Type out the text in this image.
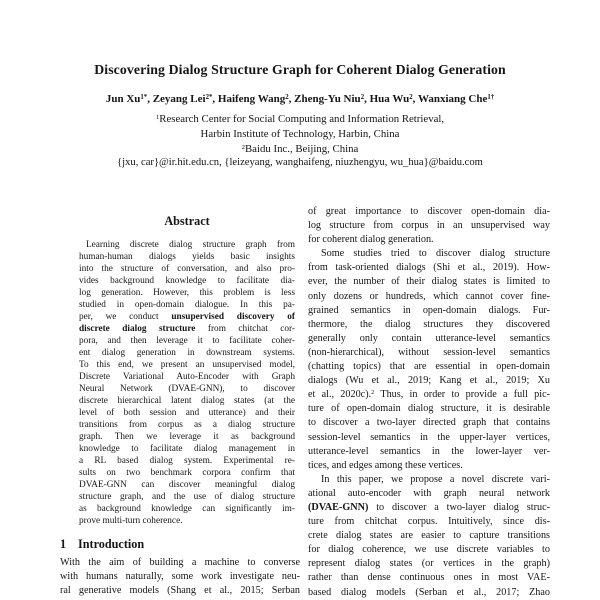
Discovering Dialog Structure Graph for Coherent Dialog Generation
Jun $Xu^{1*}$, Zeyang Lei$^{2*}$, Haifeng Wang$^2$, Zheng-Yu Niu$^2$, Hua Wu$^2$, Wanxiang Che$^{1\dagger}$
$^1$Research Center for Social Computing and Information Retrieval,
Harbin Institute of Technology, Harbin, China
$^2$Baidu Inc., Beijing, China
{jxu, car}@ir.hit.edu.cn, {leizeyang, wanghaifeng, niuzhengyu, wu_hua}@baidu.com
Abstract
Learning discrete dialog structure graph from
human-human dialogs yields basic insights
into the structure of conversation, and also pro-
vides background knowledge to facilitate dia-
log generation. However, this problem is less
studied in open-domain dialogue. In this pa-
per, we conduct unsupervised discovery of
discrete dialog structure from chitchat cor-
pora, and then leverage it to facilitate coher-
ent dialog generation in downstream systems.
To this end, we present an unsupervised model,
Discrete Variational Auto-Encoder with Graph
Neural Network (DVAE-GNN), to discover
discrete hierarchical latent dialog states (at the
level of both session and utterance) and their
transitions from corpus as a dialog structure
graph. Then we leverage it as background
knowledge to facilitate dialog management in
a RL based dialog system. Experimental re-
sults on two benchmark corpora confirm that
DVAE-GNN can discover meaningful dialog
structure graph, and the use of dialog structure
as background knowledge can significantly im-
prove multi-turn coherence.
1 Introduction
With the aim of building a machine to converse
with humans naturally, some work investigate neu-
ral generative models (Shang et al., 2015; Serban
of great importance to discover open-domain dia-
log structure from corpus in an unsupervised way
for coherent dialog generation.
Some studies tried to discover dialog structure
from task-oriented dialogs (Shi et al., 2019). How-
ever, the number of their dialog states is limited to
only dozens or hundreds, which cannot cover fine-
grained semantics in open-domain dialogs. Fur-
thermore, the dialog structures they discovered
generally only contain utterance-level semantics
(non-hierarchical), without session-level semantics
(chatting topics) that are essential in open-domain
dialogs (Wu et al., 2019; Kang et al., 2019; Xu
et al., 2020c).$^2$ Thus, in order to provide a full pic-
ture of open-domain dialog structure, it is desirable
to discover a two-layer directed graph that contains
session-level semantics in the upper-layer vertices,
utterance-level semantics in the lower-layer ver-
tices, and edges among these vertices.
In this paper, we propose a novel discrete vari-
ational auto-encoder with graph neural network
(DVAE-GNN) to discover a two-layer dialog struc-
ture from chitchat corpus. Intuitively, since dis-
crete dialog states are easier to capture transitions
for dialog coherence, we use discrete variables to
represent dialog states (or vertices in the graph)
rather than dense continuous ones in most VAE-
based dialog models (Serban et al., 2017; Zhao
